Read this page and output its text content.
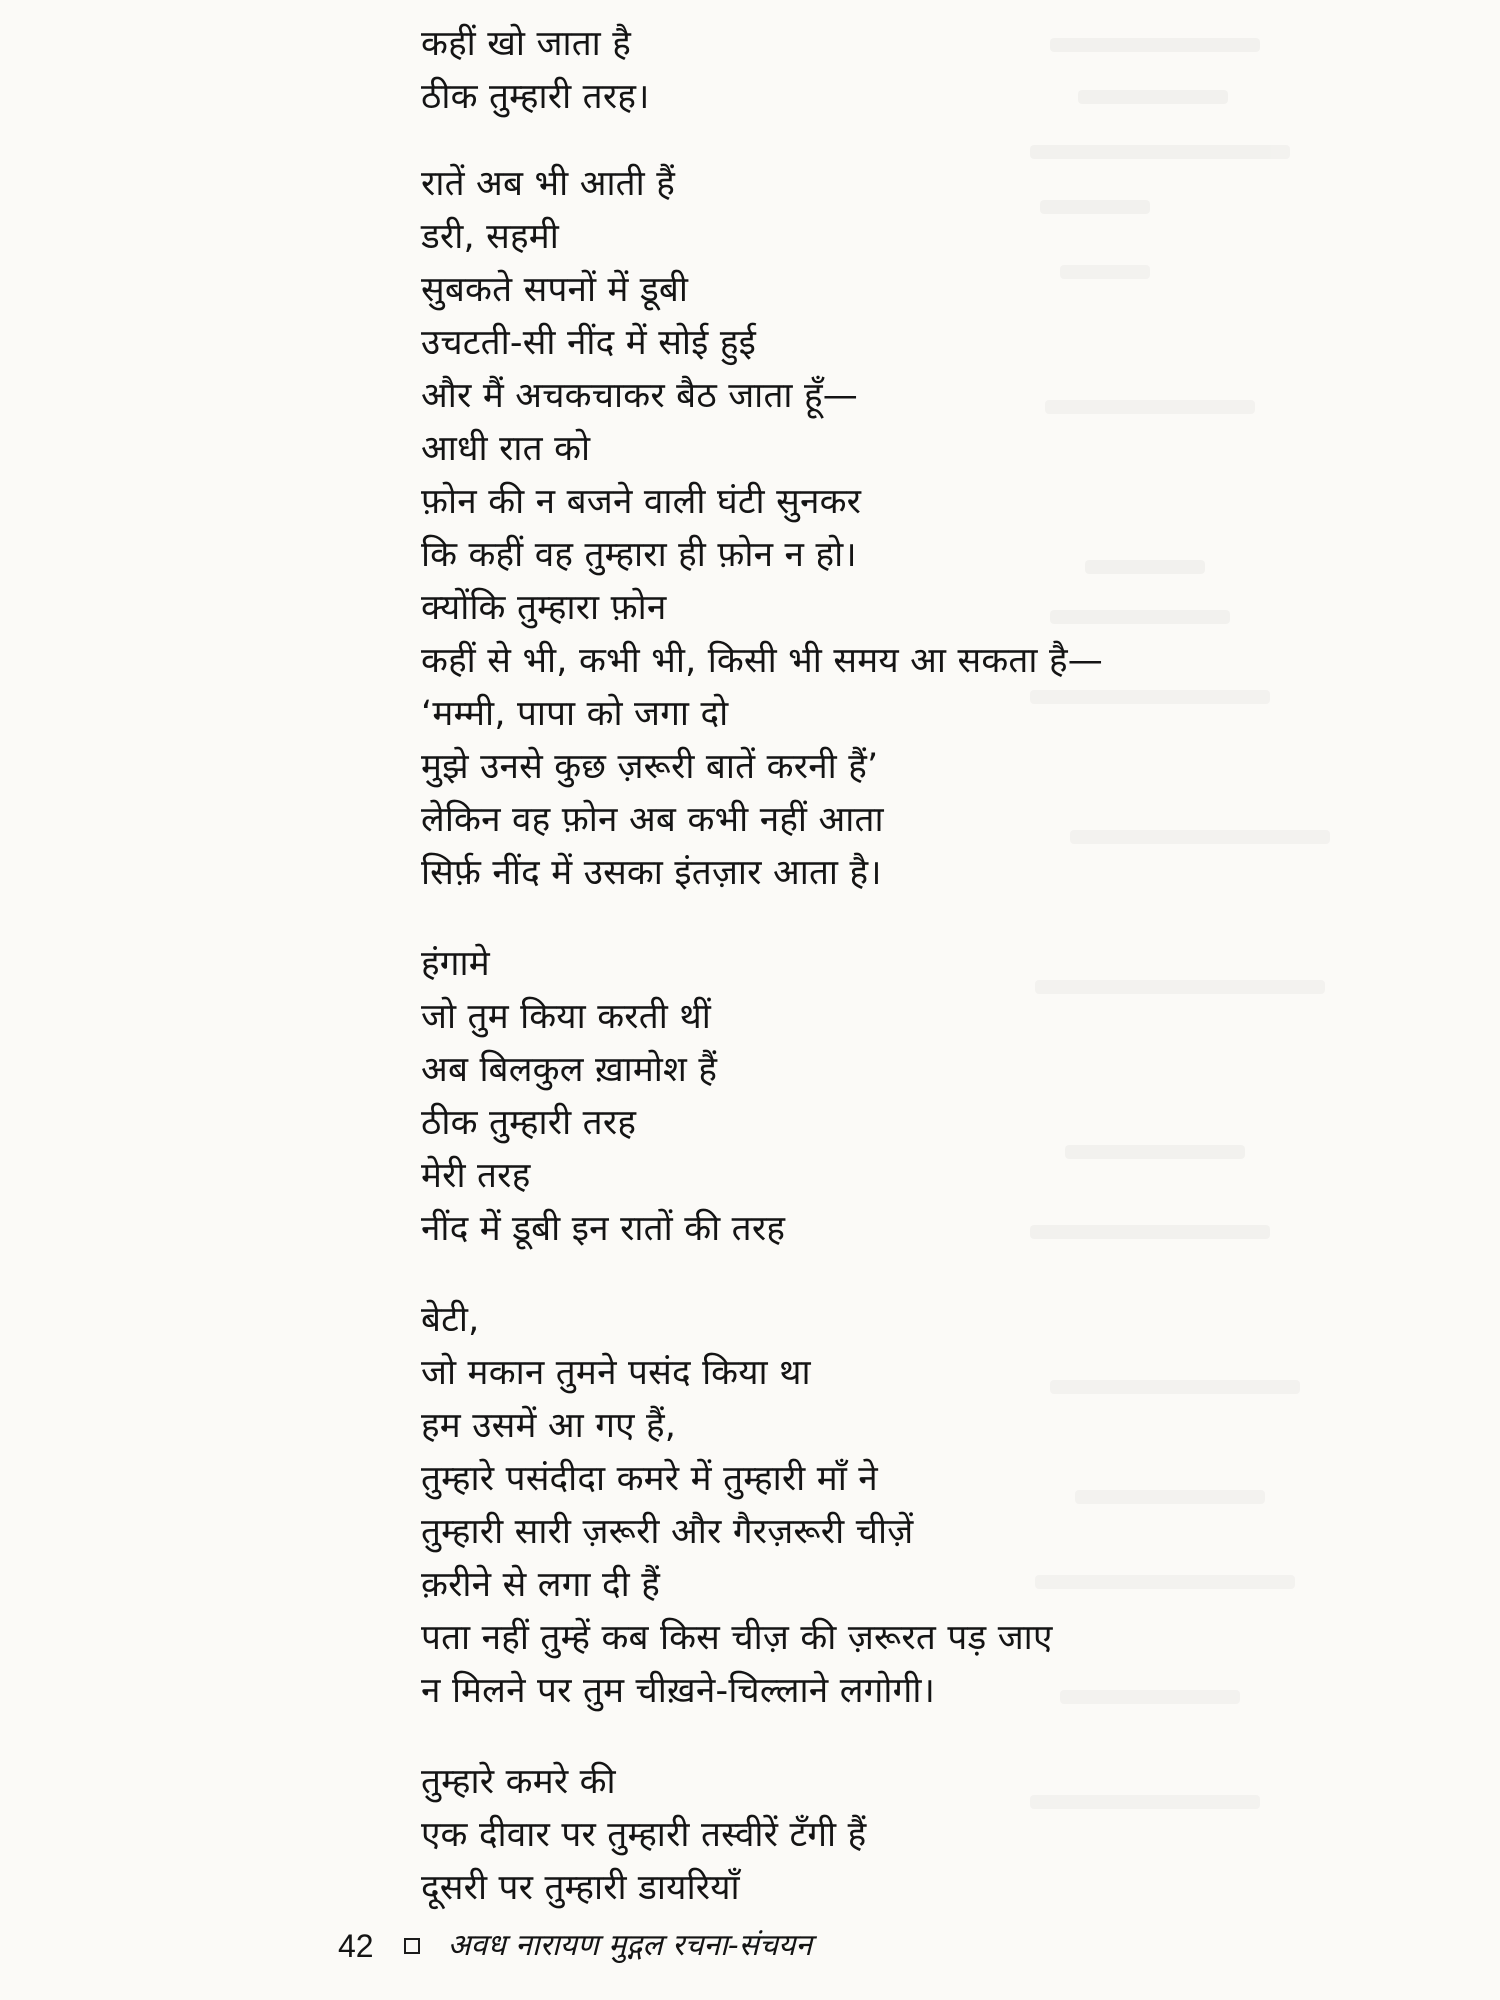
कहीं खो जाता है
ठीक तुम्हारी तरह।
रातें अब भी आती हैं
डरी, सहमी
सुबकते सपनों में डूबी
उचटती-सी नींद में सोई हुई
और मैं अचकचाकर बैठ जाता हूँ—
आधी रात को
फ़ोन की न बजने वाली घंटी सुनकर
कि कहीं वह तुम्हारा ही फ़ोन न हो।
क्योंकि तुम्हारा फ़ोन
कहीं से भी, कभी भी, किसी भी समय आ सकता है—
‘मम्मी, पापा को जगा दो
मुझे उनसे कुछ ज़रूरी बातें करनी हैं’
लेकिन वह फ़ोन अब कभी नहीं आता
सिर्फ़ नींद में उसका इंतज़ार आता है।
हंगामे
जो तुम किया करती थीं
अब बिलकुल ख़ामोश हैं
ठीक तुम्हारी तरह
मेरी तरह
नींद में डूबी इन रातों की तरह
बेटी,
जो मकान तुमने पसंद किया था
हम उसमें आ गए हैं,
तुम्हारे पसंदीदा कमरे में तुम्हारी माँ ने
तुम्हारी सारी ज़रूरी और गैरज़रूरी चीज़ें
क़रीने से लगा दी हैं
पता नहीं तुम्हें कब किस चीज़ की ज़रूरत पड़ जाए
न मिलने पर तुम चीख़ने-चिल्लाने लगोगी।
तुम्हारे कमरे की
एक दीवार पर तुम्हारी तस्वीरें टँगी हैं
दूसरी पर तुम्हारी डायरियाँ
42 अवध नारायण मुद्गल रचना-संचयन
